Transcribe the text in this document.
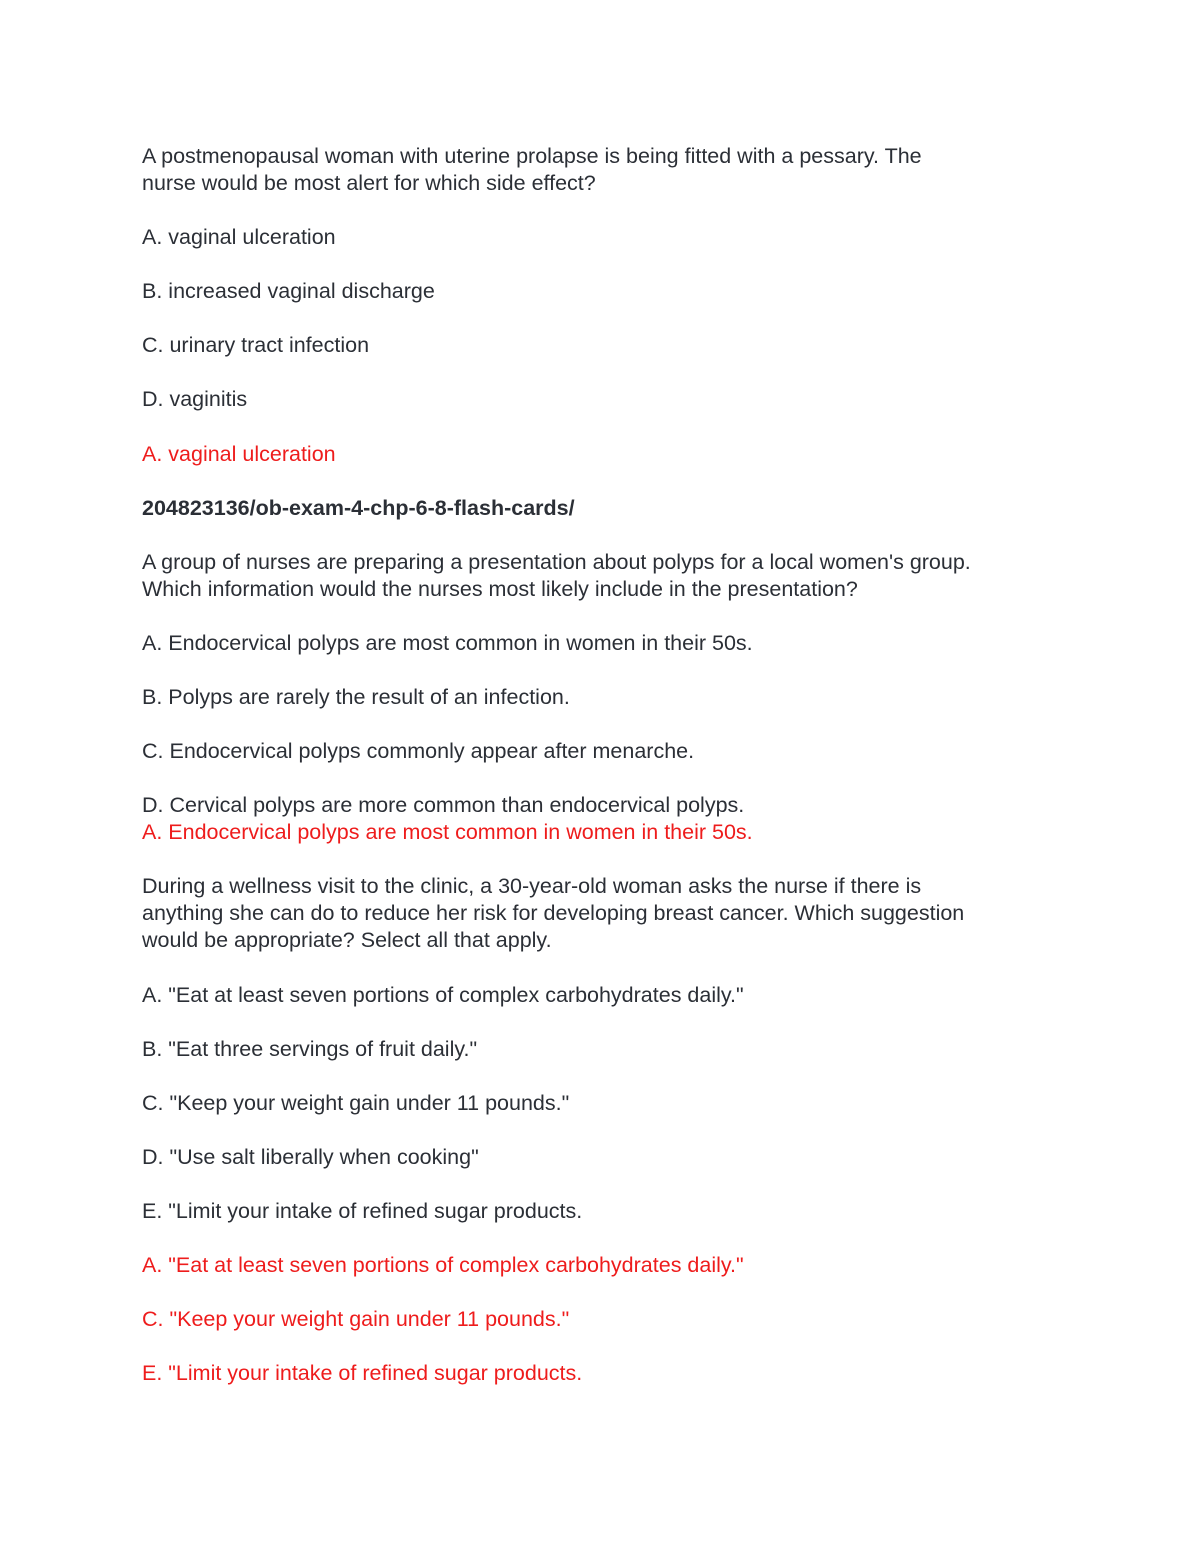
A postmenopausal woman with uterine prolapse is being fitted with a pessary. The
nurse would be most alert for which side effect?
A. vaginal ulceration
B. increased vaginal discharge
C. urinary tract infection
D. vaginitis
A. vaginal ulceration
204823136/ob-exam-4-chp-6-8-flash-cards/
A group of nurses are preparing a presentation about polyps for a local women's group.
Which information would the nurses most likely include in the presentation?
A. Endocervical polyps are most common in women in their 50s.
B. Polyps are rarely the result of an infection.
C. Endocervical polyps commonly appear after menarche.
D. Cervical polyps are more common than endocervical polyps.
A. Endocervical polyps are most common in women in their 50s.
During a wellness visit to the clinic, a 30-year-old woman asks the nurse if there is
anything she can do to reduce her risk for developing breast cancer. Which suggestion
would be appropriate? Select all that apply.
A. "Eat at least seven portions of complex carbohydrates daily."
B. "Eat three servings of fruit daily."
C. "Keep your weight gain under 11 pounds."
D. "Use salt liberally when cooking"
E. "Limit your intake of refined sugar products.
A. "Eat at least seven portions of complex carbohydrates daily."
C. "Keep your weight gain under 11 pounds."
E. "Limit your intake of refined sugar products.
